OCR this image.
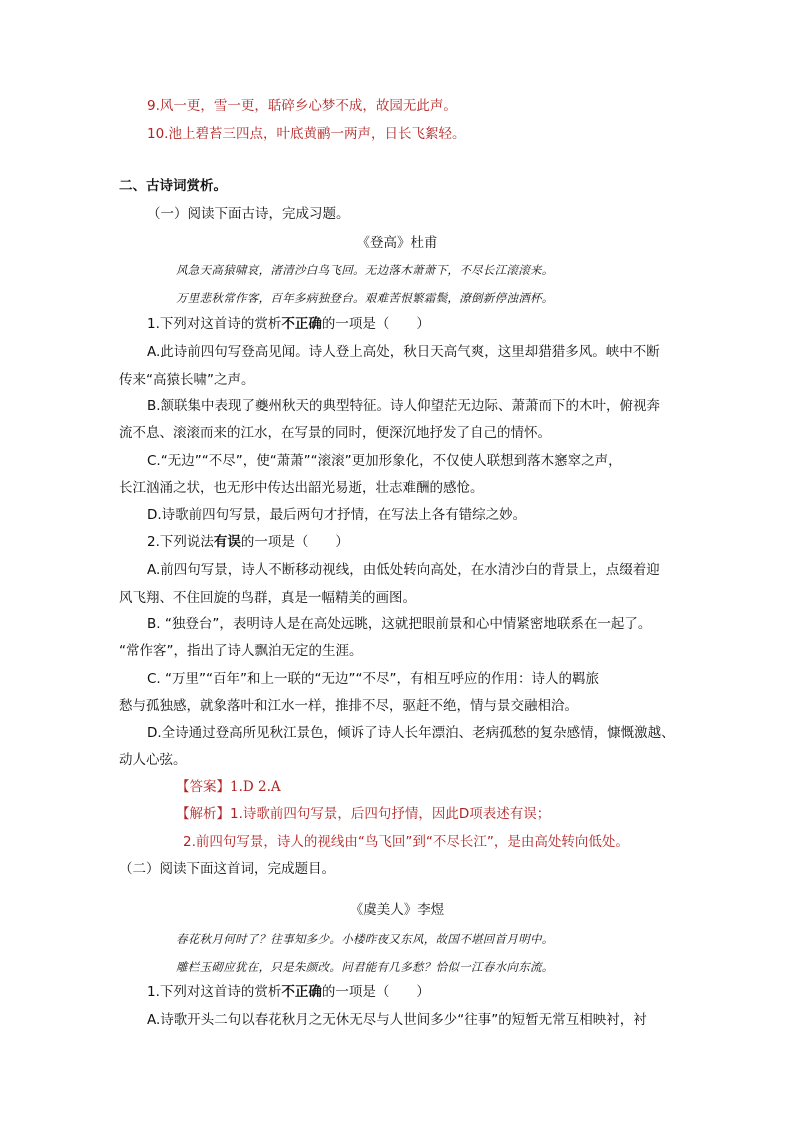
9.风一更，雪一更，聒碎乡心梦不成，故园无此声。
10.池上碧苔三四点，叶底黄鹂一两声，日长飞絮轻。
二、古诗词赏析。
（一）阅读下面古诗，完成习题。
《登高》杜甫
风急天高猿啸哀，渚清沙白鸟飞回。无边落木萧萧下，不尽长江滚滚来。
万里悲秋常作客，百年多病独登台。艰难苦恨繁霜鬓，潦倒新停浊酒杯。
1.下列对这首诗的赏析不正确的一项是（　　）
A.此诗前四句写登高见闻。诗人登上高处，秋日天高气爽，这里却猎猎多风。峡中不断
传来“高猿长啸”之声。
B.颔联集中表现了夔州秋天的典型特征。诗人仰望茫无边际、萧萧而下的木叶，俯视奔
流不息、滚滚而来的江水，在写景的同时，便深沉地抒发了自己的情怀。
C.“无边”“不尽”，使“萧萧”“滚滚”更加形象化，不仅使人联想到落木窸窣之声，
长江汹涌之状，也无形中传达出韶光易逝，壮志难酬的感怆。
D.诗歌前四句写景，最后两句才抒情，在写法上各有错综之妙。
2.下列说法有误的一项是（　　）
A.前四句写景，诗人不断移动视线，由低处转向高处，在水清沙白的背景上，点缀着迎
风飞翔、不住回旋的鸟群，真是一幅精美的画图。
B. “独登台”，表明诗人是在高处远眺，这就把眼前景和心中情紧密地联系在一起了。
“常作客”，指出了诗人飘泊无定的生涯。
C. “万里”“百年”和上一联的“无边”“不尽”，有相互呼应的作用：诗人的羁旅
愁与孤独感，就象落叶和江水一样，推排不尽，驱赶不绝，情与景交融相洽。
D.全诗通过登高所见秋江景色，倾诉了诗人长年漂泊、老病孤愁的复杂感情，慷慨激越、
动人心弦。
【答案】1.D 2.A
【解析】1.诗歌前四句写景，后四句抒情，因此D项表述有误；
2.前四句写景，诗人的视线由“鸟飞回”到“不尽长江”，是由高处转向低处。
（二）阅读下面这首词，完成题目。
《虞美人》李煜
春花秋月何时了？往事知多少。小楼昨夜又东风，故国不堪回首月明中。
雕栏玉砌应犹在，只是朱颜改。问君能有几多愁？恰似一江春水向东流。
1.下列对这首诗的赏析不正确的一项是（　　）
A.诗歌开头二句以春花秋月之无休无尽与人世间多少“往事”的短暂无常互相映衬，衬
